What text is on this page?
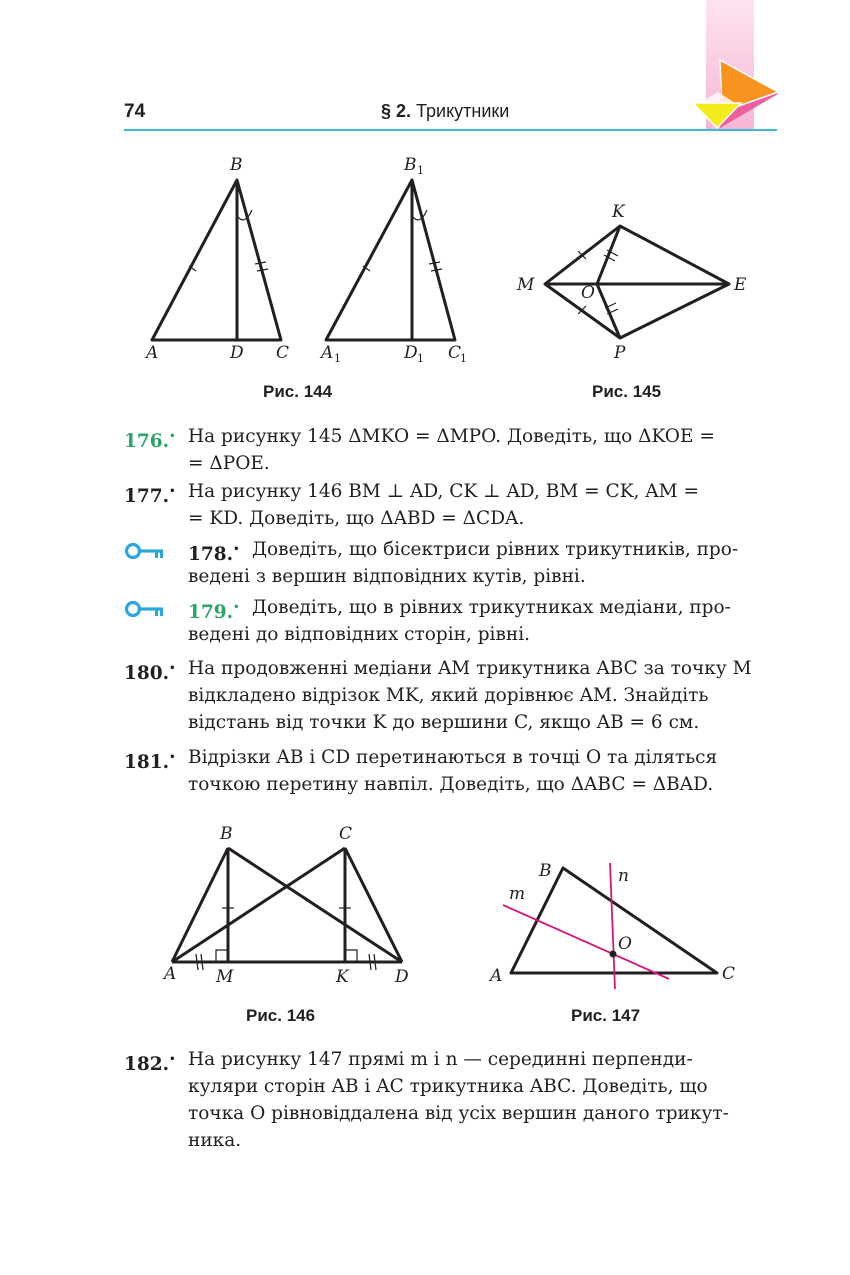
74	§ 2. Трикутники
B
A	D C
B 1
A 1	D 1 C
1
Рис. 144
K
M	O	E
P
Рис. 145
176.• На рисунку 145 ΔMKO = ΔMPO. Доведіть, що ΔKOE =
= ΔPOE.
177.• На рисунку 146 BM ⊥ AD, CK ⊥ AD, BM = CK, AM =
= KD. Доведіть, що ΔABD = ΔCDA.
178.• Доведіть, що бісектриси рівних трикутників, про-
ведені з вершин відповідних кутів, рівні.
179.• Доведіть, що в рівних трикутниках медіани, про-
ведені до відповідних сторін, рівні.
180.• На продовженні медіани AM трикутника ABC за точку M
відкладено відрізок MK, який дорівнює AM. Знайдіть
відстань від точки K до вершини C, якщо AB = 6 см.
181.• Відрізки AB і CD перетинаються в точці O та діляться
точкою перетину навпіл. Доведіть, що ΔABC = ΔBAD.
B	C
A M	K	D
Рис. 146
B	n
m
O
A	C
Рис. 147
182.• На рисунку 147 прямі m і n — серединні перпенди-
куляри сторін AB і AC трикутника ABC. Доведіть, що
точка O рівновіддалена від усіх вершин даного трикут-
ника.
